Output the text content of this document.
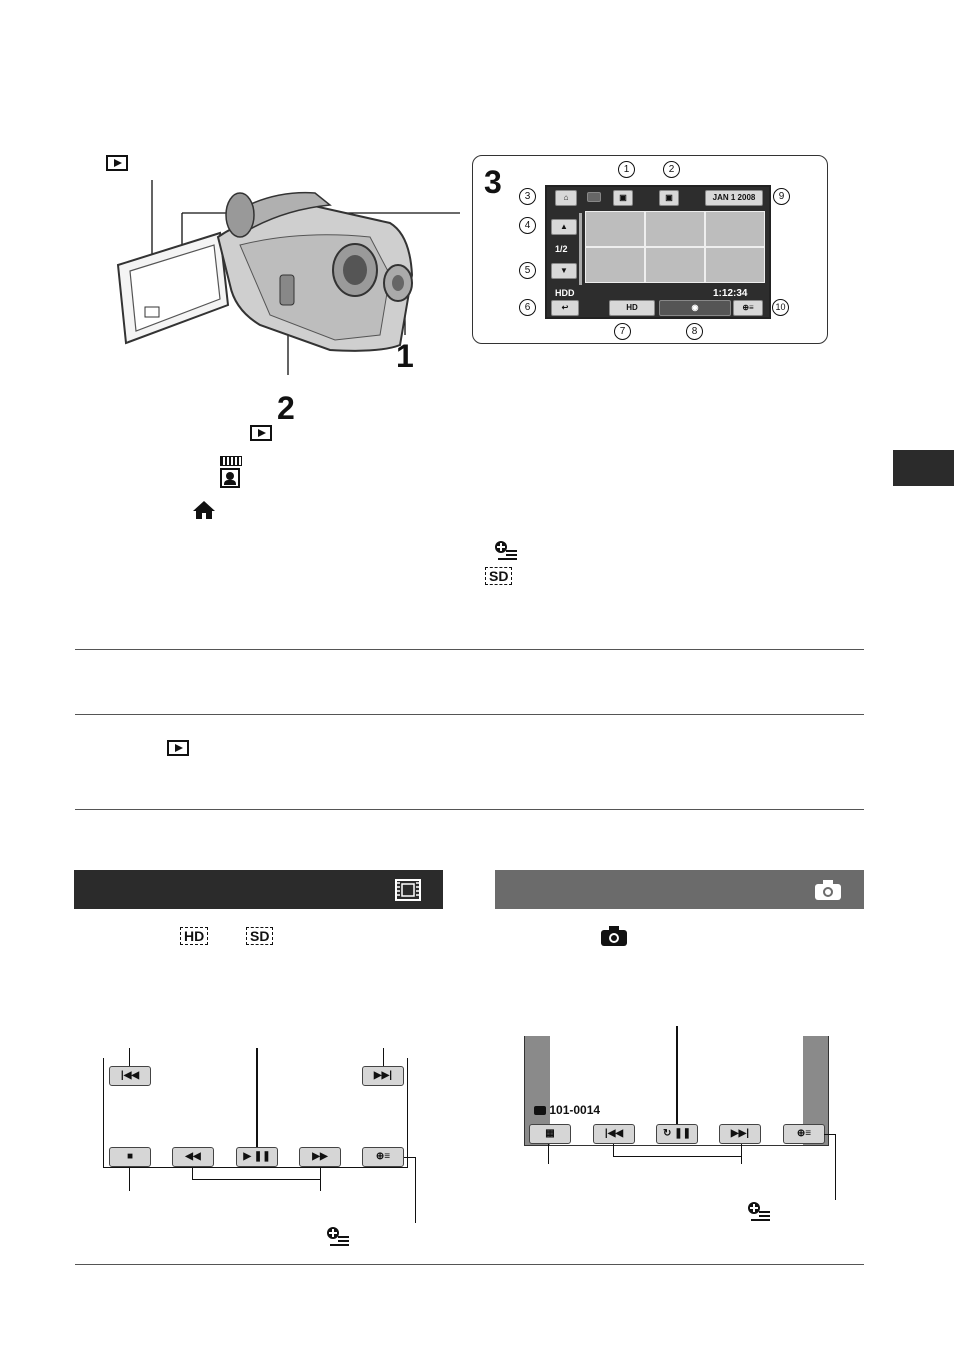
1
2
3	⌂	▣	▣	JAN 1 2008
▲
1/2
▼
HDD	1:12:34
↩	HD	◉	⊕≡
1	2
3	9
4
5
6	10
7	8
SD
HD	SD
|◀◀	▶▶|
■	◀◀	▶ ❚❚	▶▶	⊕≡
101-0014
▦	|◀◀	↻ ❚❚	▶▶|	⊕≡
